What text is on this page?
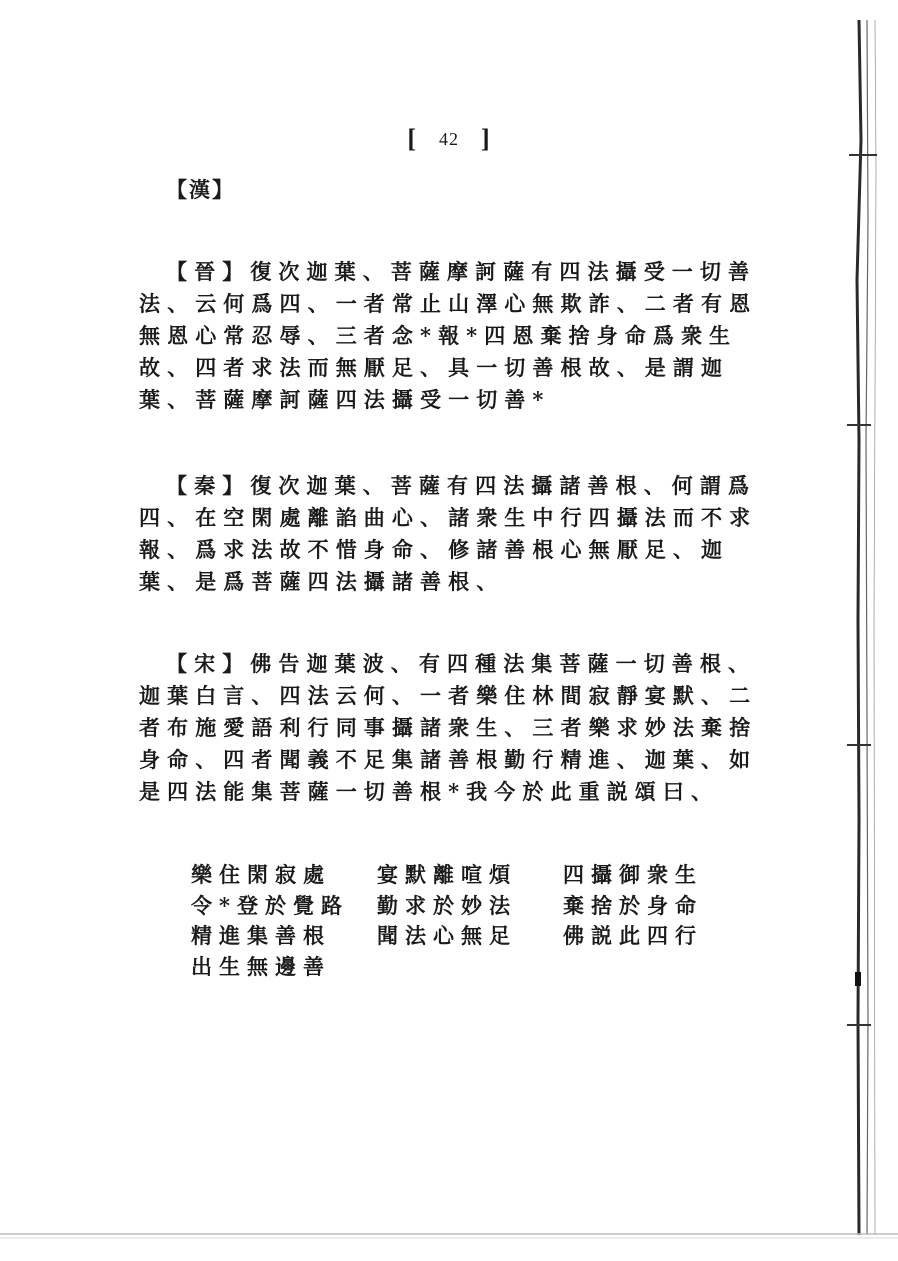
[ 42 ]
【漢】

【晉】復次迦葉、菩薩摩訶薩有四法攝受一切善法、云何爲四、一者常止山澤心無欺詐、二者有恩無恩心常忍辱、三者念*報*四恩棄捨身命爲衆生故、四者求法而無厭足、具一切善根故、是謂迦葉、菩薩摩訶薩四法攝受一切善*

【秦】復次迦葉、菩薩有四法攝諸善根、何謂爲四、在空閑處離諂曲心、諸衆生中行四攝法而不求報、爲求法故不惜身命、修諸善根心無厭足、迦葉、是爲菩薩四法攝諸善根、

【宋】佛告迦葉波、有四種法集菩薩一切善根、迦葉白言、四法云何、一者樂住林間寂靜宴默、二者布施愛語利行同事攝諸衆生、三者樂求妙法棄捨身命、四者聞義不足集諸善根勤行精進、迦葉、如是四法能集菩薩一切善根*我今於此重説頌曰、

樂住閑寂處	宴默離喧煩	四攝御衆生
令*登於覺路	勤求於妙法	棄捨於身命
精進集善根	聞法心無足	佛説此四行
出生無邊善
